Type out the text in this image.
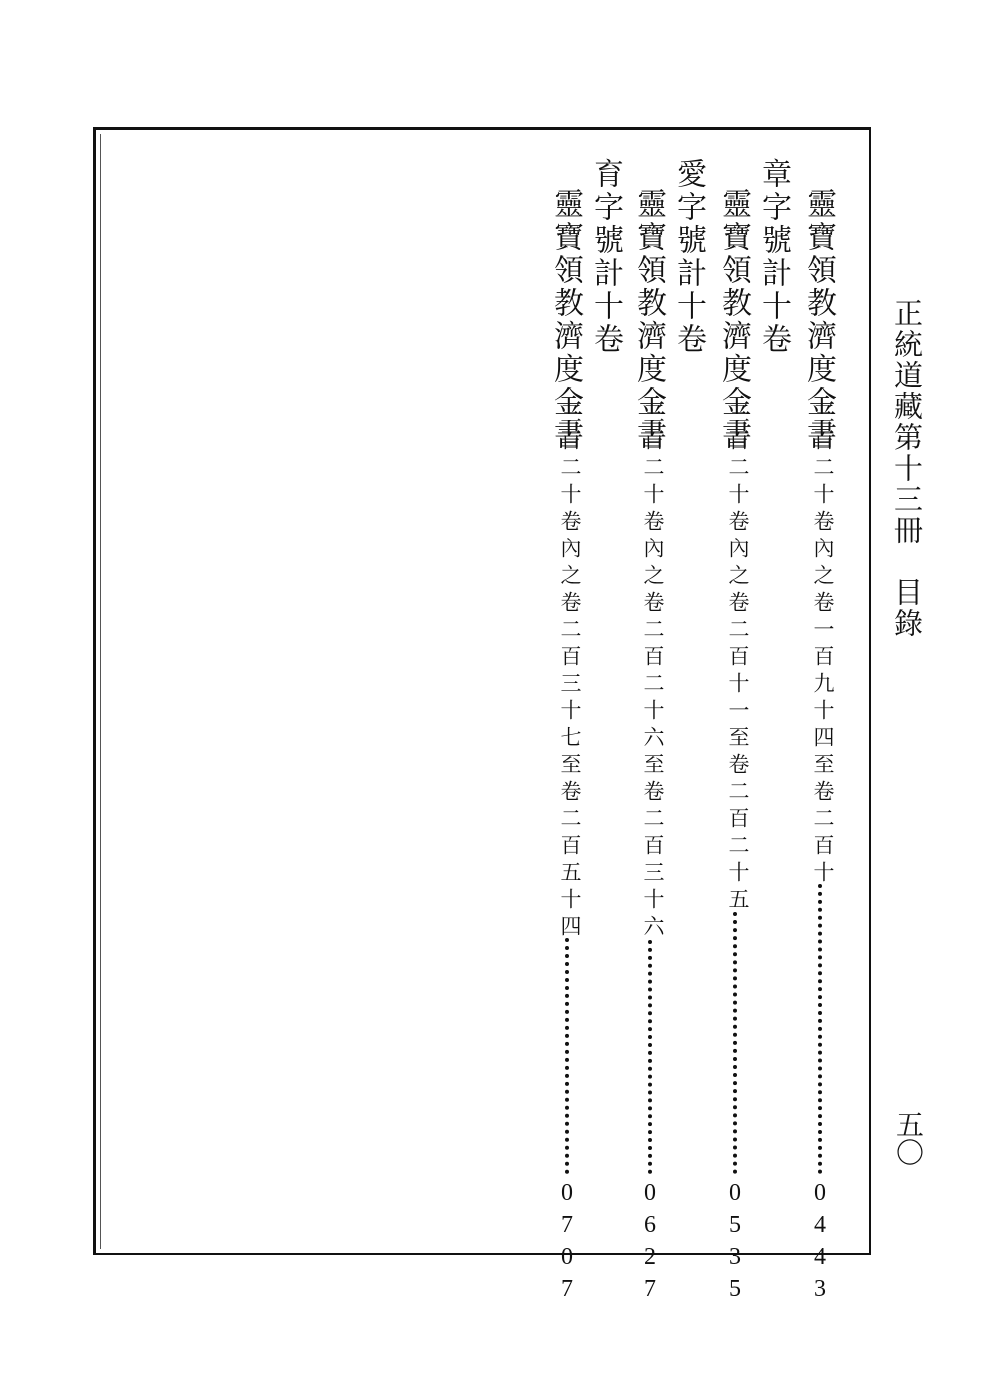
正統道藏第十三冊　目錄
五〇
靈寶領教濟度金書
三百二十卷內之卷一百九十四至卷二百十
0443
章字號計十卷
靈寶領教濟度金書
三百二十卷內之卷二百十一至卷二百二十五
0535
愛字號計十卷
靈寶領教濟度金書
三百二十卷內之卷二百二十六至卷二百三十六
0627
育字號計十卷
靈寶領教濟度金書
三百二十卷內之卷二百三十七至卷二百五十四
0707
